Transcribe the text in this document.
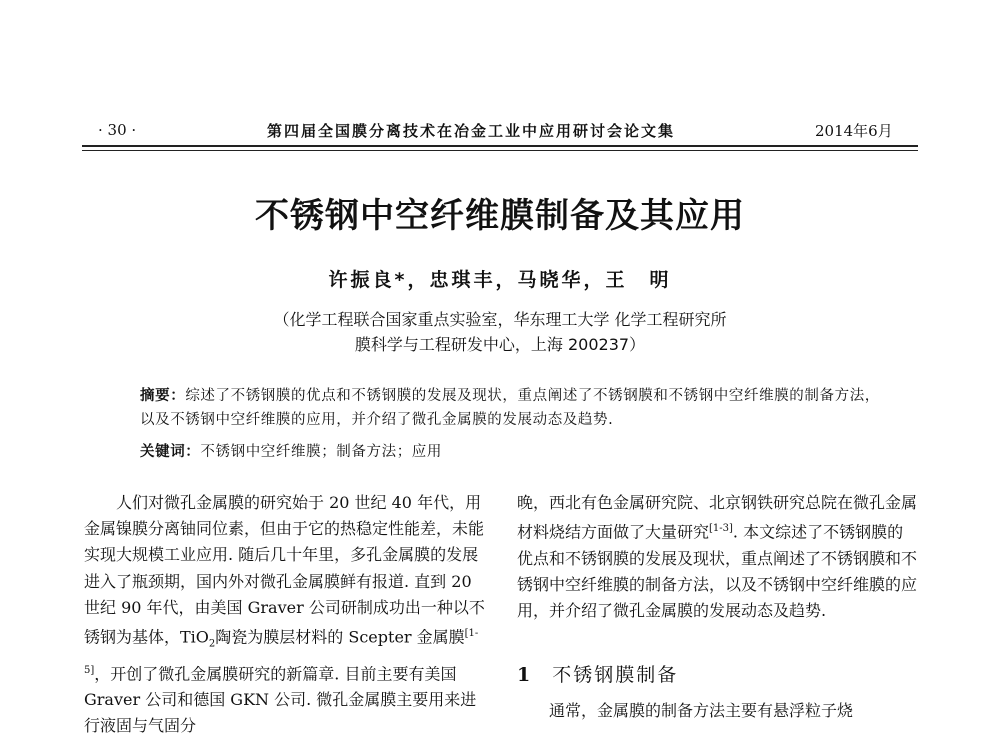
· 30 ·	第四届全国膜分离技术在冶金工业中应用研讨会论文集	2014年6月
不锈钢中空纤维膜制备及其应用
许振良*，忠琪丰，马晓华，王　明
（化学工程联合国家重点实验室，华东理工大学 化学工程研究所
膜科学与工程研发中心，上海 200237）
摘要：综述了不锈钢膜的优点和不锈钢膜的发展及现状，重点阐述了不锈钢膜和不锈钢中空纤维膜的制备方法，以及不锈钢中空纤维膜的应用，并介绍了微孔金属膜的发展动态及趋势.
关键词：不锈钢中空纤维膜；制备方法；应用

人们对微孔金属膜的研究始于 20 世纪 40 年代，用金属镍膜分离铀同位素，但由于它的热稳定性能差，未能实现大规模工业应用. 随后几十年里，多孔金属膜的发展进入了瓶颈期，国内外对微孔金属膜鲜有报道. 直到 20 世纪 90 年代，由美国 Graver 公司研制成功出一种以不锈钢为基体，TiO$_2$陶瓷为膜层材料的 Scepter 金属膜[1-5]，开创了微孔金属膜研究的新篇章. 目前主要有美国 Graver 公司和德国 GKN 公司. 微孔金属膜主要用来进行液固与气固分

晚，西北有色金属研究院、北京钢铁研究总院在微孔金属材料烧结方面做了大量研究[1-3]. 本文综述了不锈钢膜的优点和不锈钢膜的发展及现状，重点阐述了不锈钢膜和不锈钢中空纤维膜的制备方法，以及不锈钢中空纤维膜的应用，并介绍了微孔金属膜的发展动态及趋势.

1 不锈钢膜制备
通常，金属膜的制备方法主要有悬浮粒子烧
